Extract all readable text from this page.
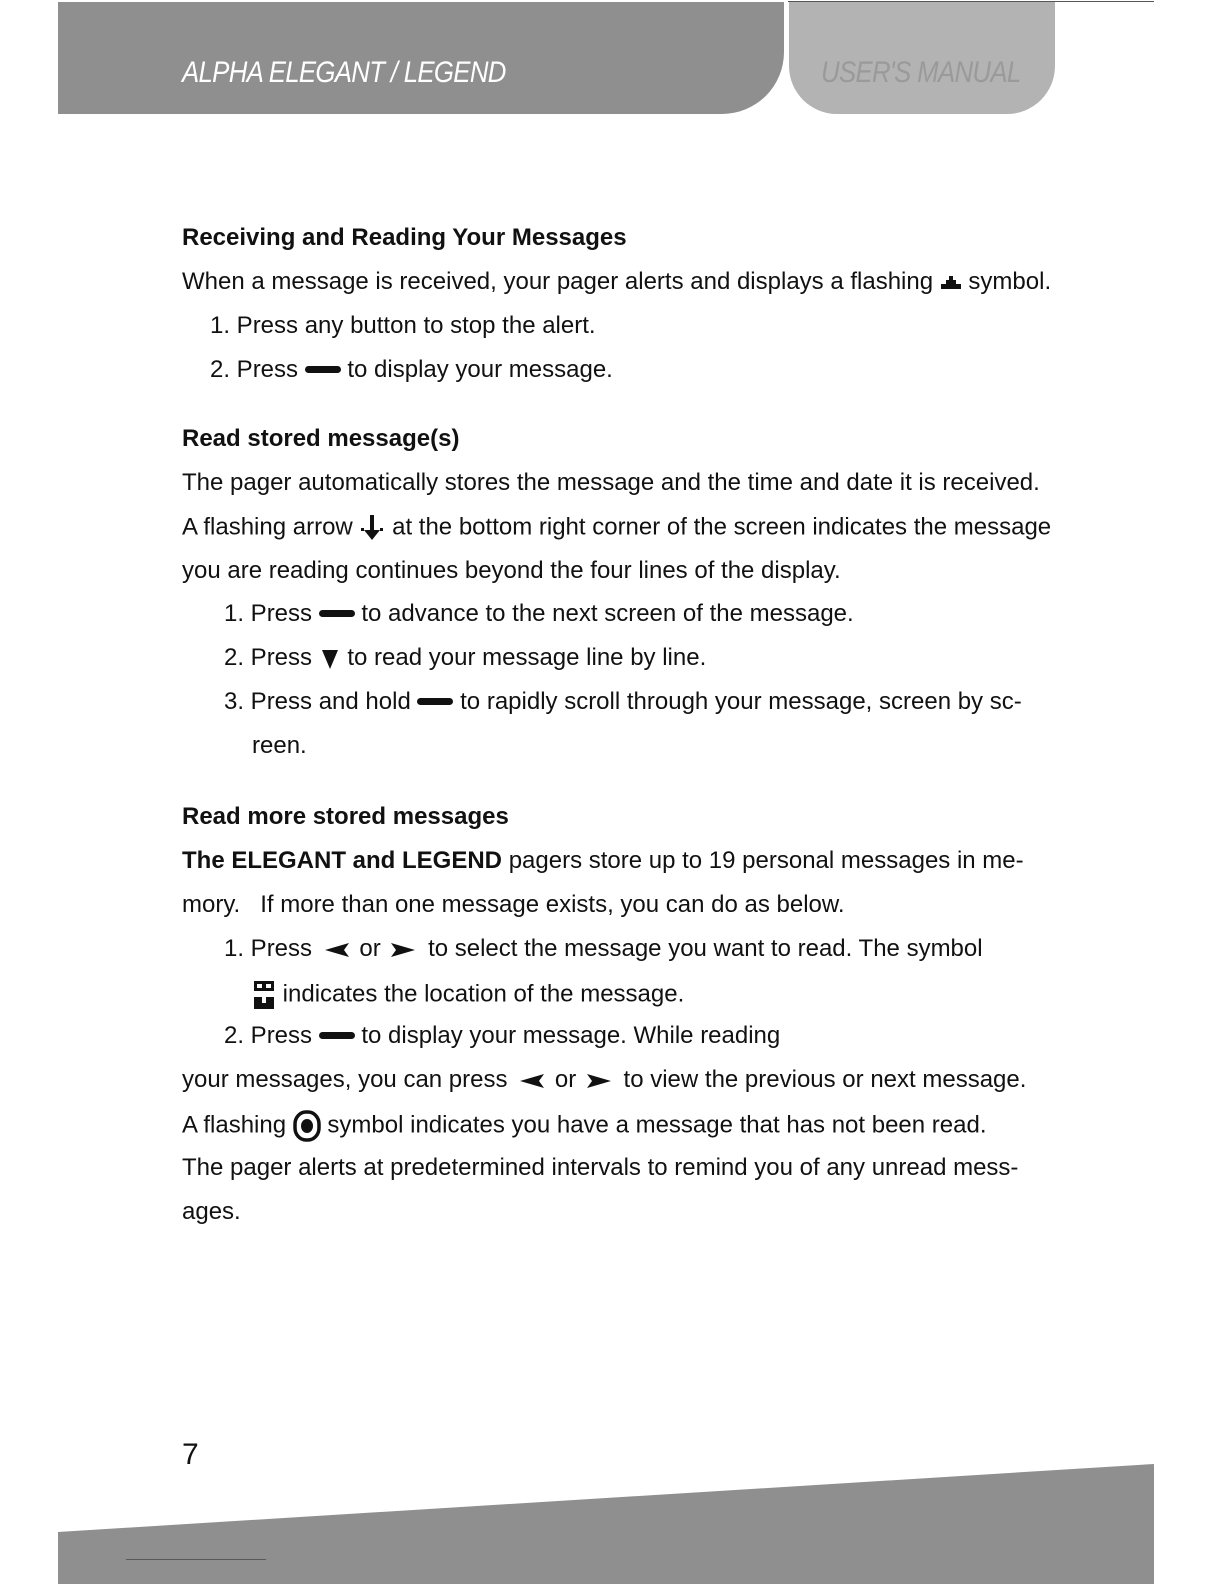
ALPHA ELEGANT / LEGEND	USER'S MANUAL
Receiving and Reading Your Messages
When a message is received, your pager alerts and displays a flashing symbol.
1. Press any button to stop the alert.
2. Press to display your message.
Read stored message(s)
The pager automatically stores the message and the time and date it is received.
A flashing arrow at the bottom right corner of the screen indicates the message
you are reading continues beyond the four lines of the display.
1. Press to advance to the next screen of the message.
2. Press to read your message line by line.
3. Press and hold to rapidly scroll through your message, screen by sc-
reen.
Read more stored messages
The ELEGANT and LEGEND pagers store up to 19 personal messages in me-
mory.   If more than one message exists, you can do as below.
1. Press or to select the message you want to read. The symbol
indicates the location of the message.
2. Press to display your message. While reading
your messages, you can press or to view the previous or next message.
A flashing symbol indicates you have a message that has not been read.
The pager alerts at predetermined intervals to remind you of any unread mess-
ages.
7
